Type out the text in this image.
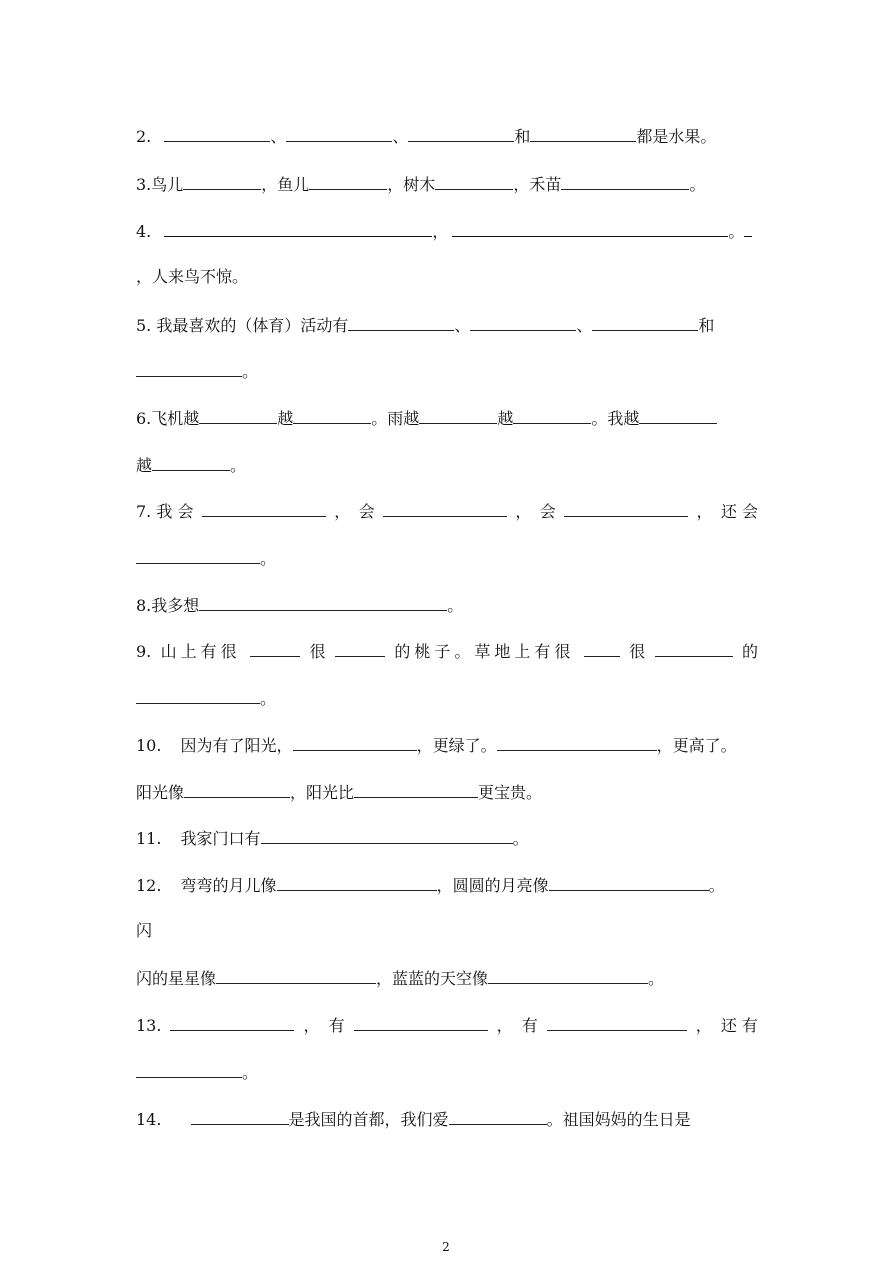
2.	、	、	和	都是水果。
3.鸟儿	，鱼儿	，树木	，禾苗	。
4.	，	。
，人来鸟不惊。
5. 我最喜欢的（体育）活动有	、	、	和
。
6.飞机越	越	。雨越	越	。我越
越	。
7. 我 会	， 会	， 会	， 还 会
。
8.我多想	。
9. 山上有很	很	的桃子。草地上有很	很	的
。
10. 因为有了阳光，	，更绿了。	，更高了。
阳光像	，阳光比	更宝贵。
11. 我家门口有	。
12. 弯弯的月儿像	，圆圆的月亮像	。
闪
闪的星星像	，蓝蓝的天空像	。
13.	， 有	， 有	， 还 有
。
14.	是我国的首都，我们爱	。祖国妈妈的生日是
2
